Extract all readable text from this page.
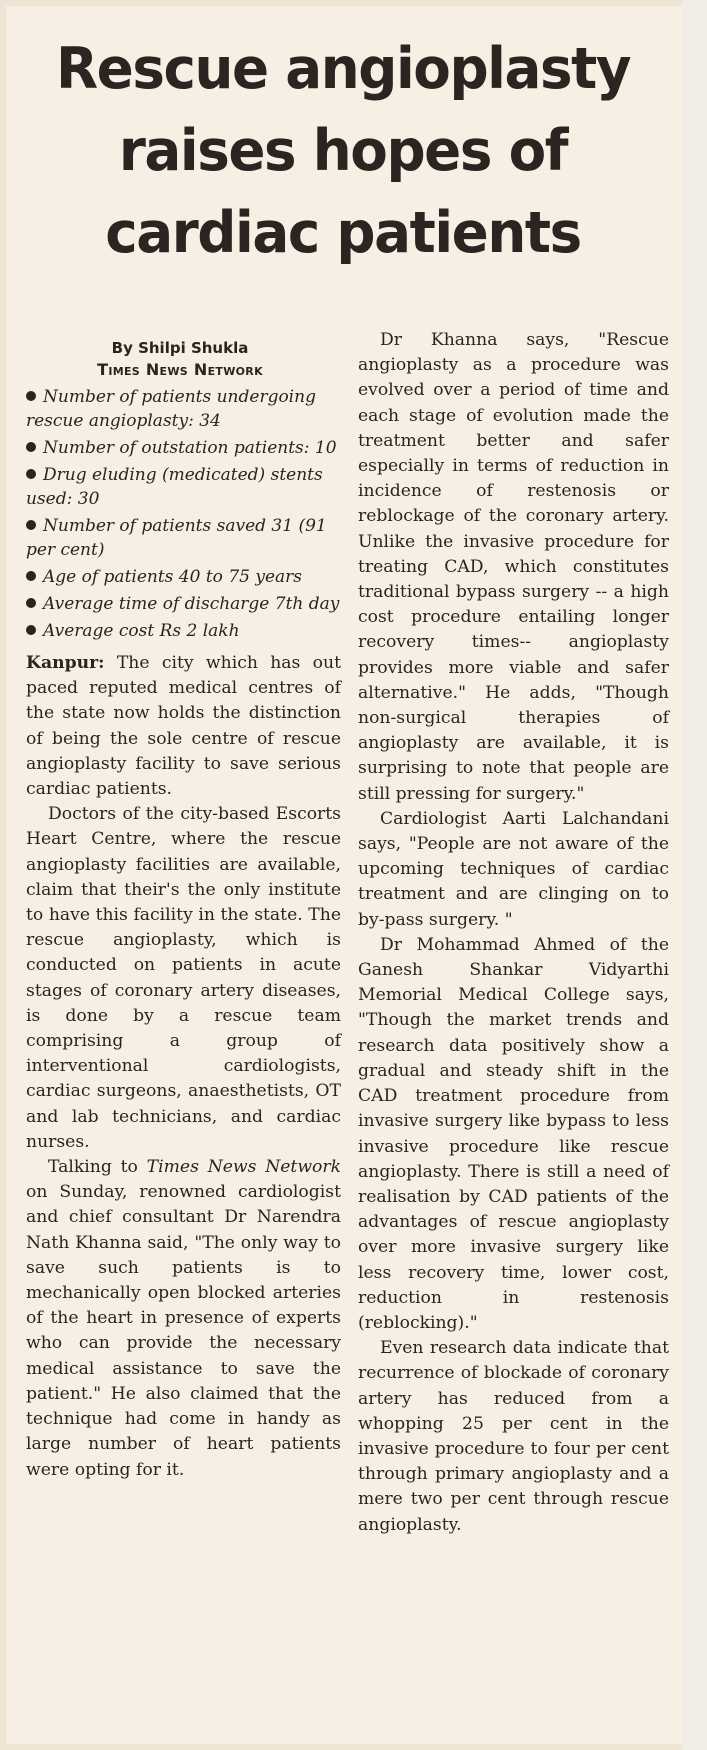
Rescue angioplasty raises hopes of cardiac patients
By Shilpi Shukla
Times News Network
Number of patients undergoing rescue angioplasty: 34
Number of outstation patients: 10
Drug eluding (medicated) stents used: 30
Number of patients saved 31 (91 per cent)
Age of patients 40 to 75 years
Average time of discharge 7th day
Average cost Rs 2 lakh

Kanpur: The city which has out paced reputed medical centres of the state now holds the distinction of being the sole centre of rescue angioplasty facility to save serious cardiac patients.

Doctors of the city-based Escorts Heart Centre, where the rescue angioplasty facilities are available, claim that their's the only institute to have this facility in the state. The rescue angioplasty, which is conducted on patients in acute stages of coronary artery diseases, is done by a rescue team comprising a group of interventional cardiologists, cardiac surgeons, anaesthetists, OT and lab technicians, and cardiac nurses.

Talking to Times News Network on Sunday, renowned cardiologist and chief consultant Dr Narendra Nath Khanna said, "The only way to save such patients is to mechanically open blocked arteries of the heart in presence of experts who can provide the necessary medical assistance to save the patient." He also claimed that the technique had come in handy as large number of heart patients were opting for it.

Dr Khanna says, "Rescue angioplasty as a procedure was evolved over a period of time and each stage of evolution made the treatment better and safer especially in terms of reduction in incidence of restenosis or reblockage of the coronary artery. Unlike the invasive procedure for treating CAD, which constitutes traditional bypass surgery -- a high cost procedure entailing longer recovery times-- angioplasty provides more viable and safer alternative." He adds, "Though non-surgical therapies of angioplasty are available, it is surprising to note that people are still pressing for surgery."

Cardiologist Aarti Lalchandani says, "People are not aware of the upcoming techniques of cardiac treatment and are clinging on to by-pass surgery. "

Dr Mohammad Ahmed of the Ganesh Shankar Vidyarthi Memorial Medical College says, "Though the market trends and research data positively show a gradual and steady shift in the CAD treatment procedure from invasive surgery like bypass to less invasive procedure like rescue angioplasty. There is still a need of realisation by CAD patients of the advantages of rescue angioplasty over more invasive surgery like less recovery time, lower cost, reduction in restenosis (reblocking)."

Even research data indicate that recurrence of blockade of coronary artery has reduced from a whopping 25 per cent in the invasive procedure to four per cent through primary angioplasty and a mere two per cent through rescue angioplasty.
